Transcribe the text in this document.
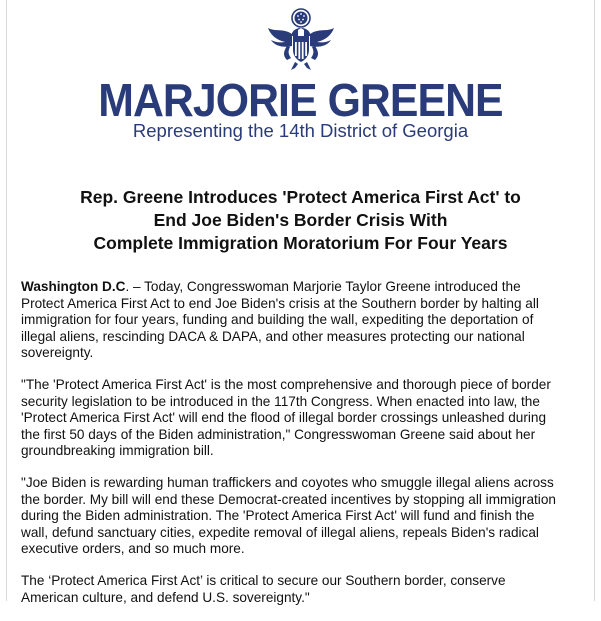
MARJORIE GREENE
Representing the 14th District of Georgia
Rep. Greene Introduces 'Protect America First Act' to
End Joe Biden's Border Crisis With
Complete Immigration Moratorium For Four Years

Washington D.C. – Today, Congresswoman Marjorie Taylor Greene introduced the
Protect America First Act to end Joe Biden's crisis at the Southern border by halting all
immigration for four years, funding and building the wall, expediting the deportation of
illegal aliens, rescinding DACA & DAPA, and other measures protecting our national
sovereignty.

"The 'Protect America First Act' is the most comprehensive and thorough piece of border
security legislation to be introduced in the 117th Congress. When enacted into law, the
'Protect America First Act' will end the flood of illegal border crossings unleashed during
the first 50 days of the Biden administration," Congresswoman Greene said about her
groundbreaking immigration bill.

"Joe Biden is rewarding human traffickers and coyotes who smuggle illegal aliens across
the border. My bill will end these Democrat-created incentives by stopping all immigration
during the Biden administration. The 'Protect America First Act' will fund and finish the
wall, defund sanctuary cities, expedite removal of illegal aliens, repeals Biden's radical
executive orders, and so much more.

The ‘Protect America First Act’ is critical to secure our Southern border, conserve
American culture, and defend U.S. sovereignty."
